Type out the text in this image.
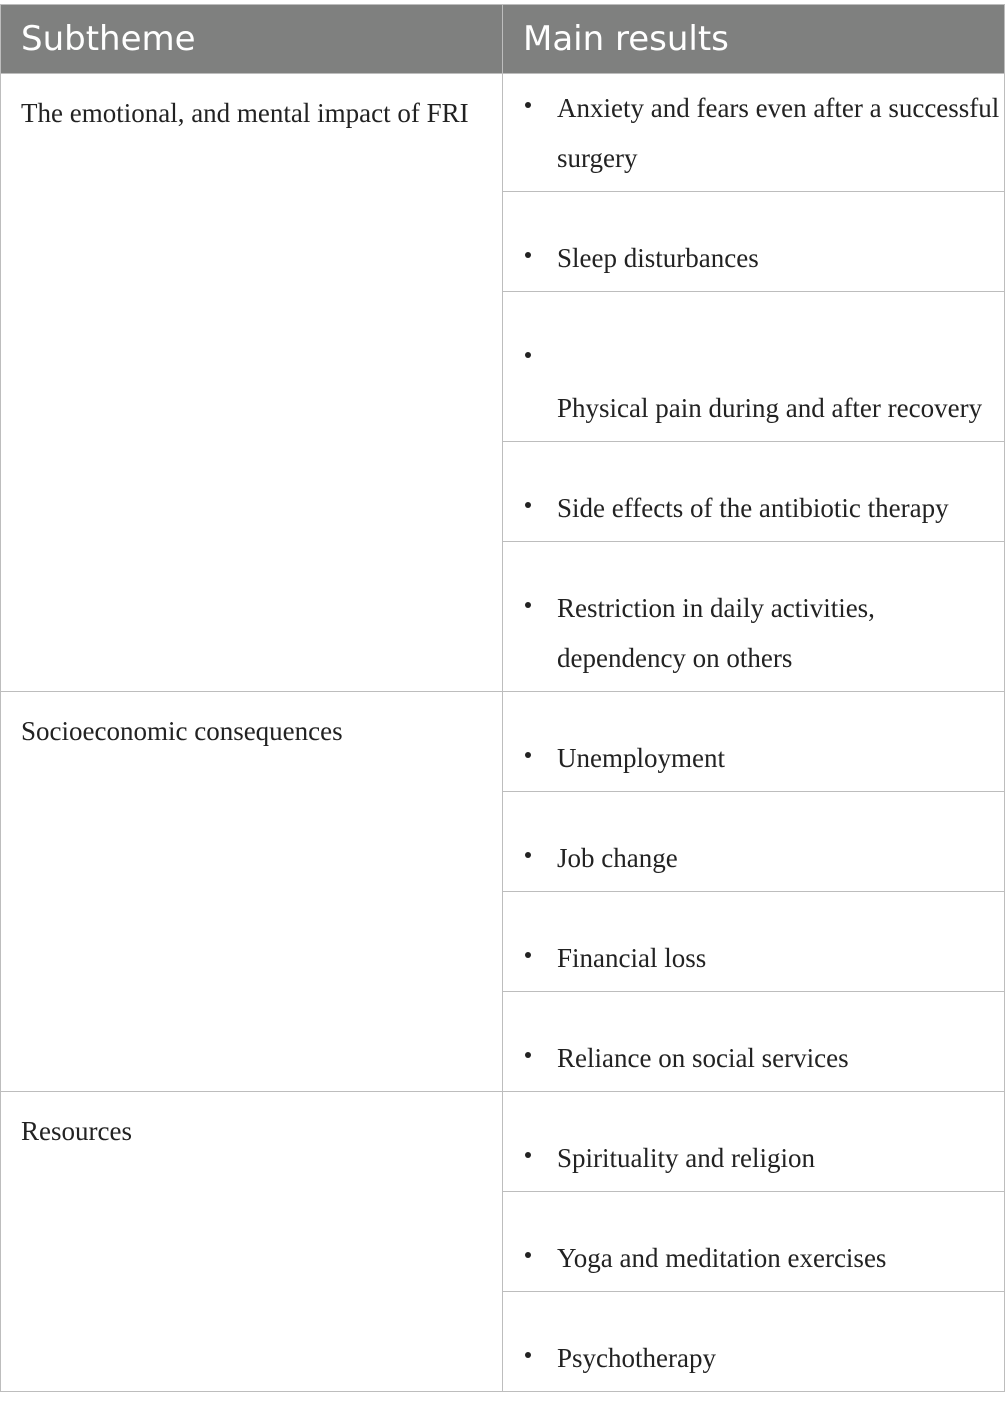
Subtheme	Main results
The emotional, and mental impact of FRI	Anxiety and fears even after a successful surgery

Sleep disturbances

Physical pain during and after recovery

Side effects of the antibiotic therapy

Restriction in daily activities, dependency on others
Socioeconomic consequences	Unemployment

Job change

Financial loss

Reliance on social services
Resources	Spirituality and religion

Yoga and meditation exercises

Psychotherapy
